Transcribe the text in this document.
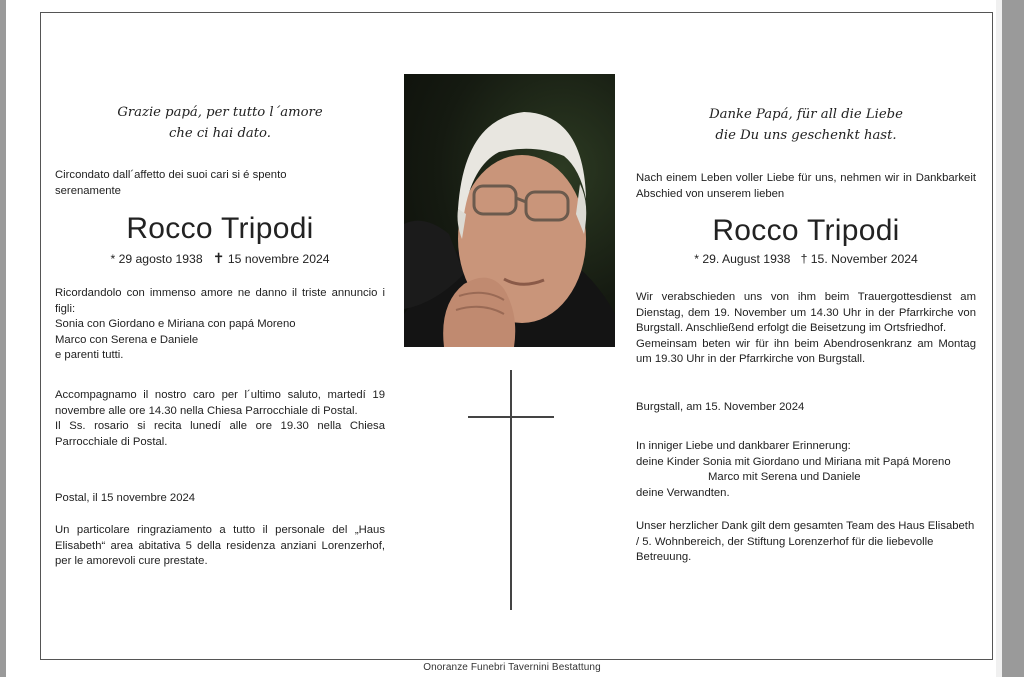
Grazie papá, per tutto l´amore
che ci hai dato.
Circondato dall´affetto dei suoi cari si é spento serenamente
Rocco Tripodi
* 29 agosto 1938 ✝ 15 novembre 2024
Ricordandolo con immenso amore ne danno il triste annuncio i figli:
Sonia con Giordano e Miriana con papá Moreno
Marco con Serena e Daniele
e parenti tutti.
Accompagnamo il nostro caro per l´ultimo saluto, martedí 19 novembre alle ore 14.30 nella Chiesa Parrocchiale di Postal.
Il Ss. rosario si recita lunedí alle ore 19.30 nella Chiesa Parrocchiale di Postal.
Postal, il 15 novembre 2024
Un particolare ringraziamento a tutto il personale del „Haus Elisabeth“ area abitativa 5 della residenza anziani Lorenzerhof, per le amorevoli cure prestate.
Danke Papá, für all die Liebe
die Du uns geschenkt hast.
Nach einem Leben voller Liebe für uns, nehmen wir in Dankbarkeit Abschied von unserem lieben
Rocco Tripodi
* 29. August 1938 † 15. November 2024
Wir verabschieden uns von ihm beim Trauergottesdienst am Dienstag, dem 19. November um 14.30 Uhr in der Pfarrkirche von Burgstall. Anschließend erfolgt die Beisetzung im Ortsfriedhof.
Gemeinsam beten wir für ihn beim Abendrosenkranz am Montag um 19.30 Uhr in der Pfarrkirche von Burgstall.
Burgstall, am 15. November 2024
In inniger Liebe und dankbarer Erinnerung:
deine Kinder Sonia mit Giordano und Miriana mit Papá Moreno
Marco mit Serena und Daniele
deine Verwandten.
Unser herzlicher Dank gilt dem gesamten Team des Haus Elisabeth / 5. Wohnbereich, der Stiftung Lorenzerhof für die liebevolle Betreuung.
Onoranze Funebri Tavernini Bestattung
